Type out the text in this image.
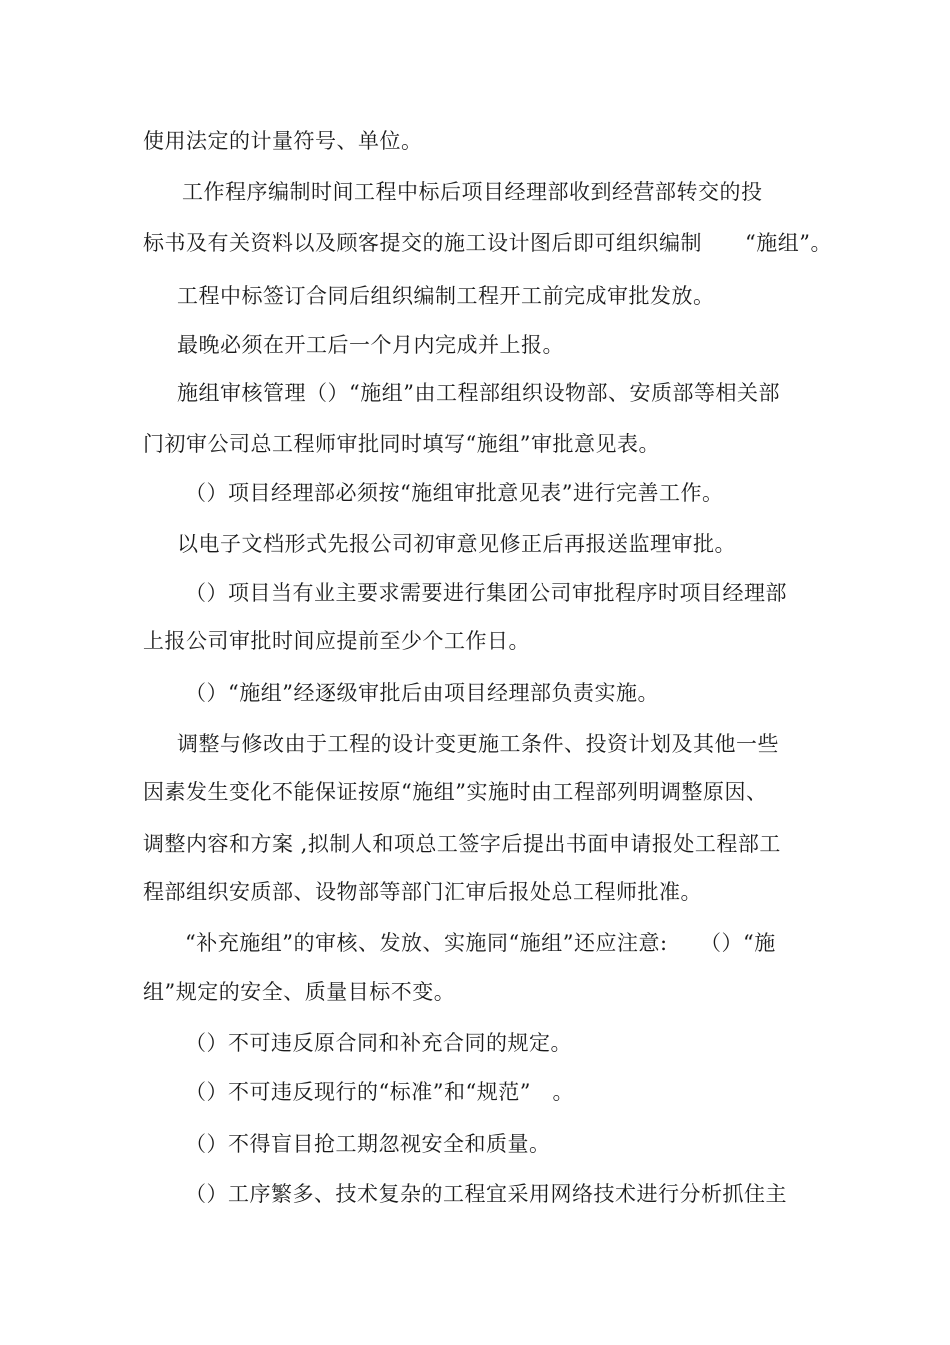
使用法定的计量符号、单位。
工作程序编制时间工程中标后项目经理部收到经营部转交的投
标书及有关资料以及顾客提交的施工设计图后即可组织编制　　“施组”。
工程中标签订合同后组织编制工程开工前完成审批发放。
最晚必须在开工后一个月内完成并上报。
施组审核管理（）“施组”由工程部组织设物部、安质部等相关部
门初审公司总工程师审批同时填写“施组”审批意见表。
（）项目经理部必须按“施组审批意见表”进行完善工作。
以电子文档形式先报公司初审意见修正后再报送监理审批。
（）项目当有业主要求需要进行集团公司审批程序时项目经理部
上报公司审批时间应提前至少个工作日。
（）“施组”经逐级审批后由项目经理部负责实施。
调整与修改由于工程的设计变更施工条件、投资计划及其他一些
因素发生变化不能保证按原“施组”实施时由工程部列明调整原因、
调整内容和方案 ,拟制人和项总工签字后提出书面申请报处工程部工
程部组织安质部、设物部等部门汇审后报处总工程师批准。
“补充施组”的审核、发放、实施同“施组”还应注意:　　（）“施
组”规定的安全、质量目标不变。
（）不可违反原合同和补充合同的规定。
（）不可违反现行的“标准”和“规范”　。
（）不得盲目抢工期忽视安全和质量。
（）工序繁多、技术复杂的工程宜采用网络技术进行分析抓住主
